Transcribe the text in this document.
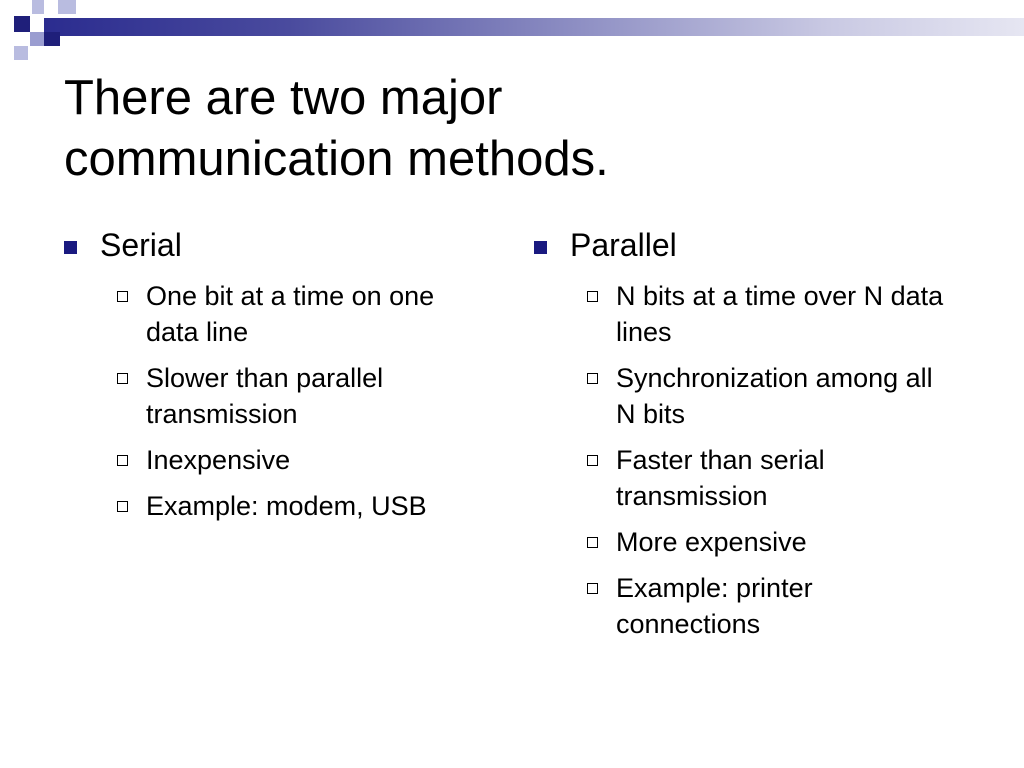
There are two major
communication methods.
Serial
One bit at a time on one data line
Slower than parallel transmission
Inexpensive
Example: modem, USB
Parallel
N bits at a time over N data lines
Synchronization among all N bits
Faster than serial transmission
More expensive
Example: printer connections
